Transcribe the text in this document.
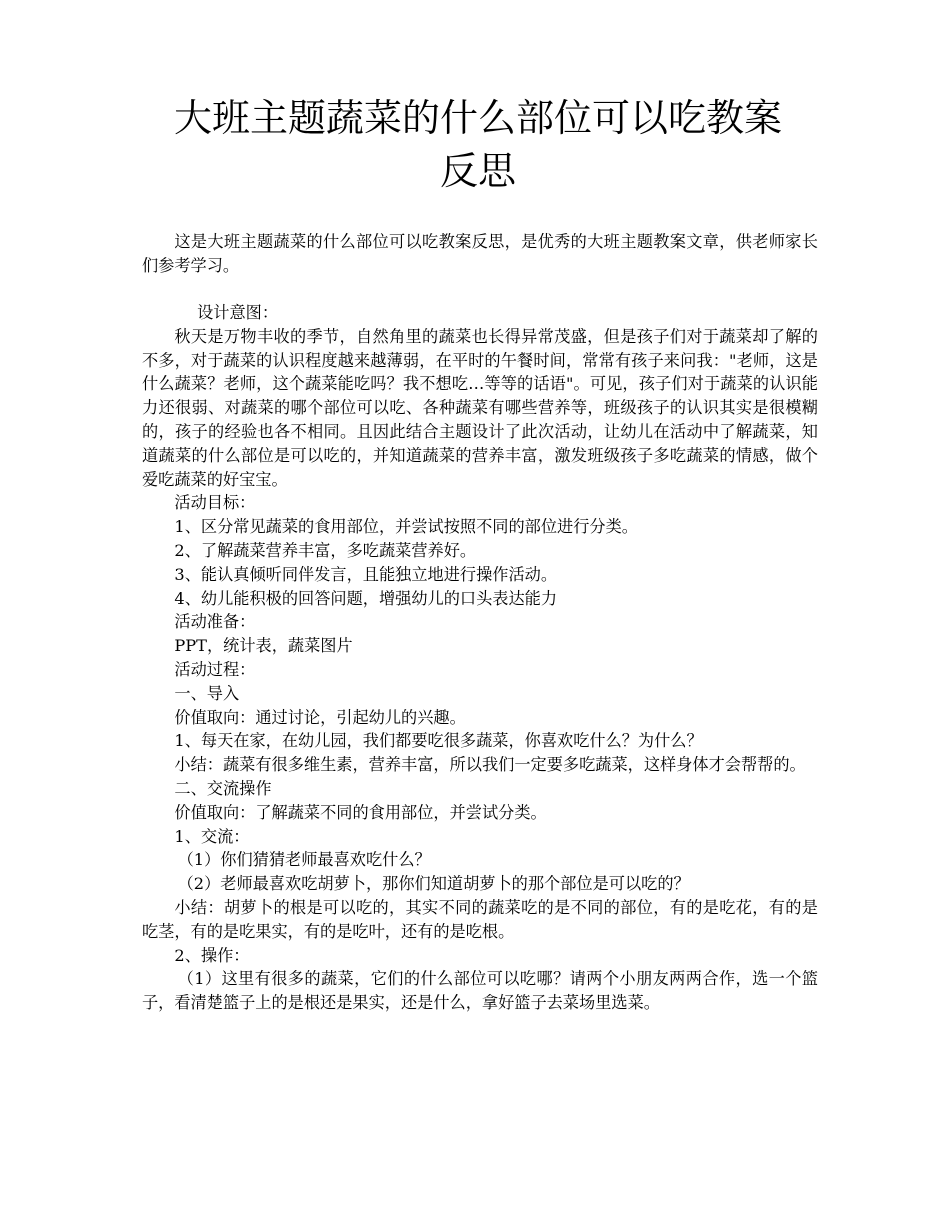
大班主题蔬菜的什么部位可以吃教案
反思

这是大班主题蔬菜的什么部位可以吃教案反思，是优秀的大班主题教案文章，供老师家长们参考学习。

设计意图：

秋天是万物丰收的季节，自然角里的蔬菜也长得异常茂盛，但是孩子们对于蔬菜却了解的不多，对于蔬菜的认识程度越来越薄弱，在平时的午餐时间，常常有孩子来问我："老师，这是什么蔬菜？老师，这个蔬菜能吃吗？我不想吃…等等的话语"。可见，孩子们对于蔬菜的认识能力还很弱、对蔬菜的哪个部位可以吃、各种蔬菜有哪些营养等，班级孩子的认识其实是很模糊的，孩子的经验也各不相同。且因此结合主题设计了此次活动，让幼儿在活动中了解蔬菜，知道蔬菜的什么部位是可以吃的，并知道蔬菜的营养丰富，激发班级孩子多吃蔬菜的情感，做个爱吃蔬菜的好宝宝。

活动目标：

1、区分常见蔬菜的食用部位，并尝试按照不同的部位进行分类。

2、了解蔬菜营养丰富，多吃蔬菜营养好。

3、能认真倾听同伴发言，且能独立地进行操作活动。

4、幼儿能积极的回答问题，增强幼儿的口头表达能力

活动准备：

PPT，统计表，蔬菜图片

活动过程：

一、导入

价值取向：通过讨论，引起幼儿的兴趣。

1、每天在家，在幼儿园，我们都要吃很多蔬菜，你喜欢吃什么？为什么？

小结：蔬菜有很多维生素，营养丰富，所以我们一定要多吃蔬菜，这样身体才会帮帮的。

二、交流操作

价值取向：了解蔬菜不同的食用部位，并尝试分类。

1、交流：

（1）你们猜猜老师最喜欢吃什么？

（2）老师最喜欢吃胡萝卜，那你们知道胡萝卜的那个部位是可以吃的？

小结：胡萝卜的根是可以吃的，其实不同的蔬菜吃的是不同的部位，有的是吃花，有的是吃茎，有的是吃果实，有的是吃叶，还有的是吃根。

2、操作：

（1）这里有很多的蔬菜，它们的什么部位可以吃哪？请两个小朋友两两合作，选一个篮子，看清楚篮子上的是根还是果实，还是什么，拿好篮子去菜场里选菜。
